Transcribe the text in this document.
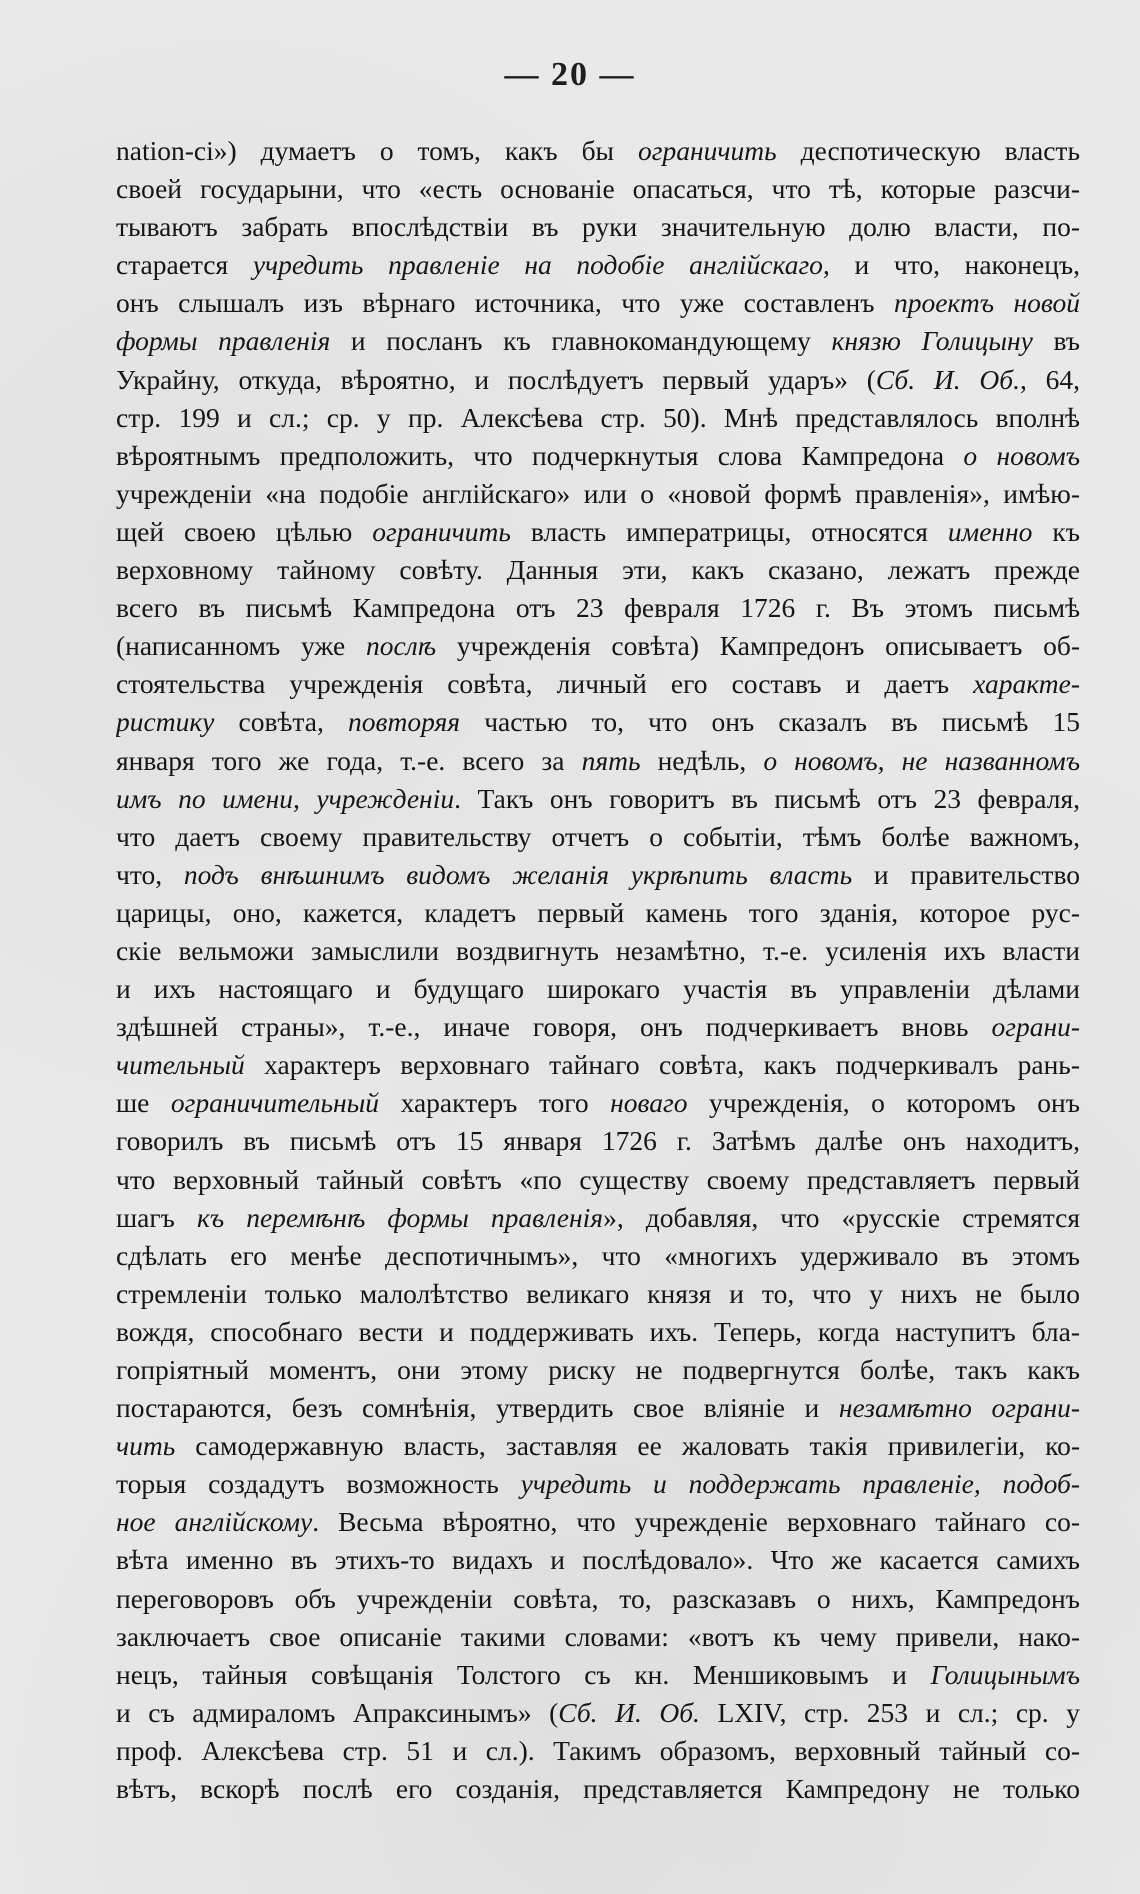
— 20 —
nation-ci») думаетъ о томъ, какъ бы ограничить деспотическую власть
своей государыни, что «есть основаніе опасаться, что тѣ, которые разсчи-
тываютъ забрать впослѣдствіи въ руки значительную долю власти, по-
старается учредить правленіе на подобіе англійскаго, и что, наконецъ,
онъ слышалъ изъ вѣрнаго источника, что уже составленъ проектъ новой
формы правленія и посланъ къ главнокомандующему князю Голицыну въ
Украйну, откуда, вѣроятно, и послѣдуетъ первый ударъ» (Сб. И. Об., 64,
стр. 199 и сл.; ср. у пр. Алексѣева стр. 50). Мнѣ представлялось вполнѣ
вѣроятнымъ предположить, что подчеркнутыя слова Кампредона о новомъ
учрежденіи «на подобіе англійскаго» или о «новой формѣ правленія», имѣю-
щей своею цѣлью ограничить власть императрицы, относятся именно къ
верховному тайному совѣту. Данныя эти, какъ сказано, лежатъ прежде
всего въ письмѣ Кампредона отъ 23 февраля 1726 г. Въ этомъ письмѣ
(написанномъ уже послѣ учрежденія совѣта) Кампредонъ описываетъ об-
стоятельства учрежденія совѣта, личный его составъ и даетъ характе-
ристику совѣта, повторяя частью то, что онъ сказалъ въ письмѣ 15
января того же года, т.-е. всего за пять недѣль, о новомъ, не названномъ
имъ по имени, учрежденіи. Такъ онъ говоритъ въ письмѣ отъ 23 февраля,
что даетъ своему правительству отчетъ о событіи, тѣмъ болѣе важномъ,
что, подъ внѣшнимъ видомъ желанія укрѣпить власть и правительство
царицы, оно, кажется, кладетъ первый камень того зданія, которое рус-
скіе вельможи замыслили воздвигнуть незамѣтно, т.-е. усиленія ихъ власти
и ихъ настоящаго и будущаго широкаго участія въ управленіи дѣлами
здѣшней страны», т.-е., иначе говоря, онъ подчеркиваетъ вновь ограни-
чительный характеръ верховнаго тайнаго совѣта, какъ подчеркивалъ рань-
ше ограничительный характеръ того новаго учрежденія, о которомъ онъ
говорилъ въ письмѣ отъ 15 января 1726 г. Затѣмъ далѣе онъ находитъ,
что верховный тайный совѣтъ «по существу своему представляетъ первый
шагъ къ перемѣнѣ формы правленія», добавляя, что «русскіе стремятся
сдѣлать его менѣе деспотичнымъ», что «многихъ удерживало въ этомъ
стремленіи только малолѣтство великаго князя и то, что у нихъ не было
вождя, способнаго вести и поддерживать ихъ. Теперь, когда наступитъ бла-
гопріятный моментъ, они этому риску не подвергнутся болѣе, такъ какъ
постараются, безъ сомнѣнія, утвердить свое вліяніе и незамѣтно ограни-
чить самодержавную власть, заставляя ее жаловать такія привилегіи, ко-
торыя создадутъ возможность учредить и поддержать правленіе, подоб-
ное англійскому. Весьма вѣроятно, что учрежденіе верховнаго тайнаго со-
вѣта именно въ этихъ-то видахъ и послѣдовало». Что же касается самихъ
переговоровъ объ учрежденіи совѣта, то, разсказавъ о нихъ, Кампредонъ
заключаетъ свое описаніе такими словами: «вотъ къ чему привели, нако-
нецъ, тайныя совѣщанія Толстого съ кн. Меншиковымъ и Голицынымъ
и съ адмираломъ Апраксинымъ» (Сб. И. Об. LXIV, стр. 253 и сл.; ср. у
проф. Алексѣева стр. 51 и сл.). Такимъ образомъ, верховный тайный со-
вѣтъ, вскорѣ послѣ его созданія, представляется Кампредону не только
